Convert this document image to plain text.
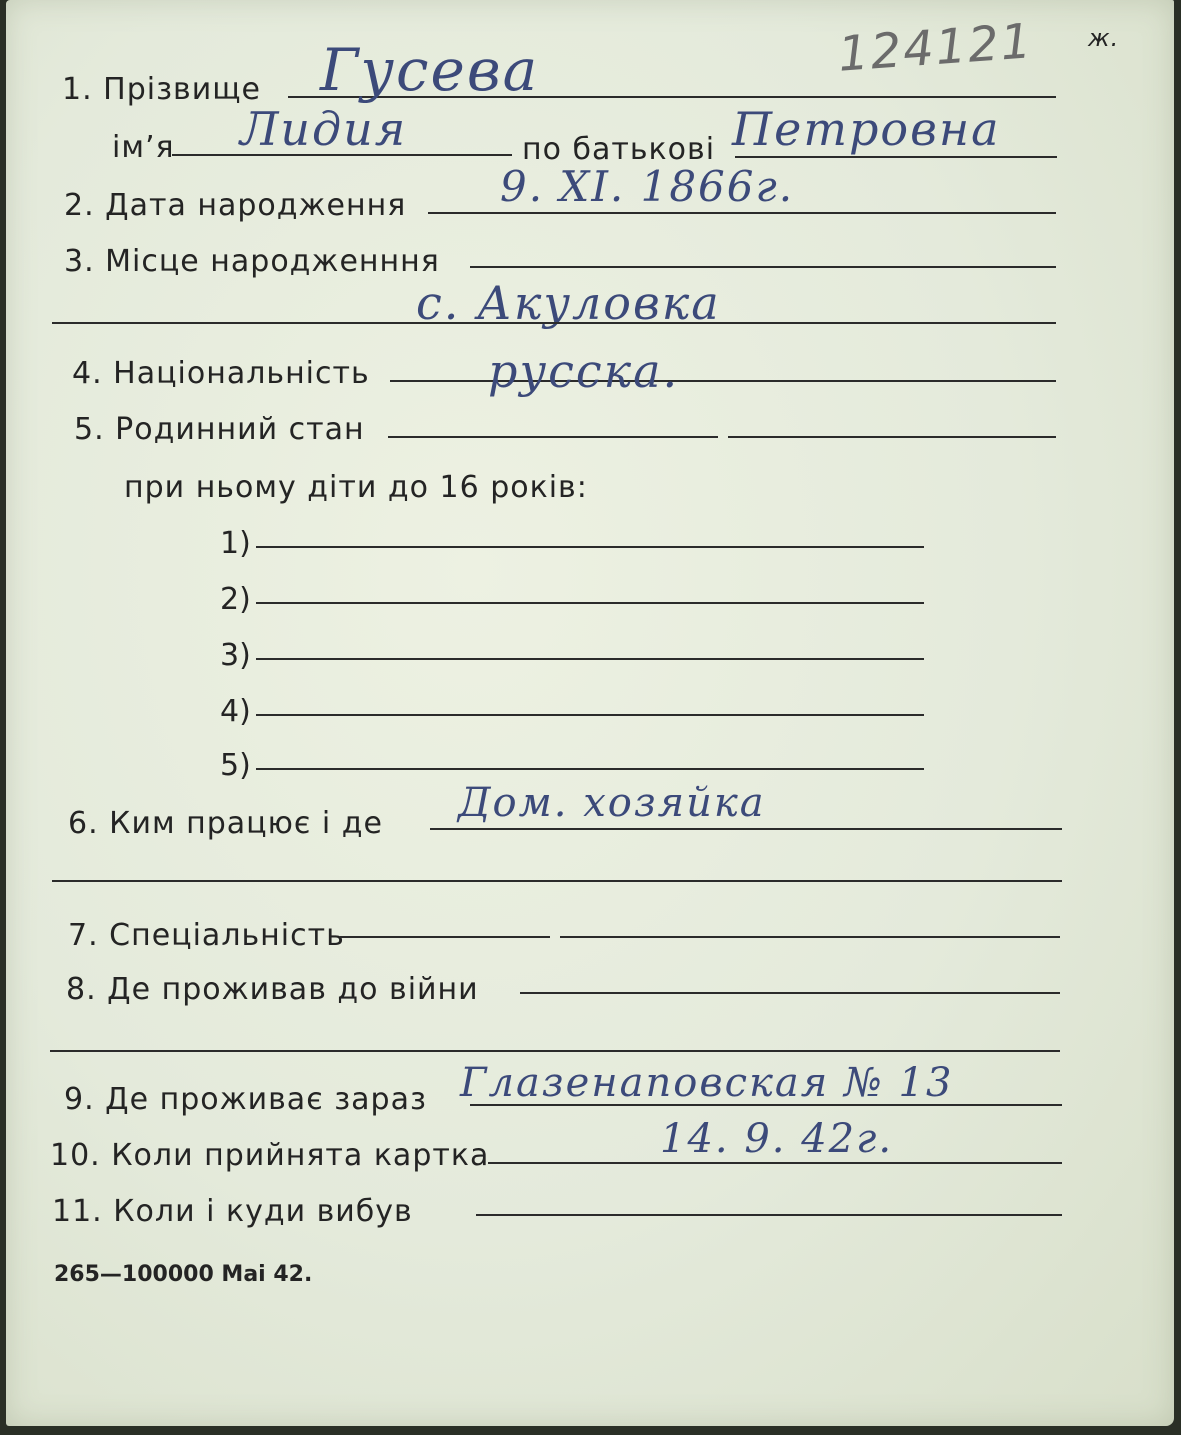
124121 ж.
1. Прізвище Гусева
ім’я Лидия	по батькові Петровна
2. Дата народження 9. XI. 1866г.
3. Місце народженння
с. Акуловка
4. Національність	русска.
5. Родинний стан
при ньому діти до 16 років:
1)
2)
3)
4)
5)
6. Ким працює і де Дом. хозяйка
7. Спеціальність
8. Де проживав до війни
9. Де проживає зараз Глазенаповская № 13
10. Коли прийнята картка	14. 9. 42г.
11. Коли і куди вибув
265—100000 Mai 42.
